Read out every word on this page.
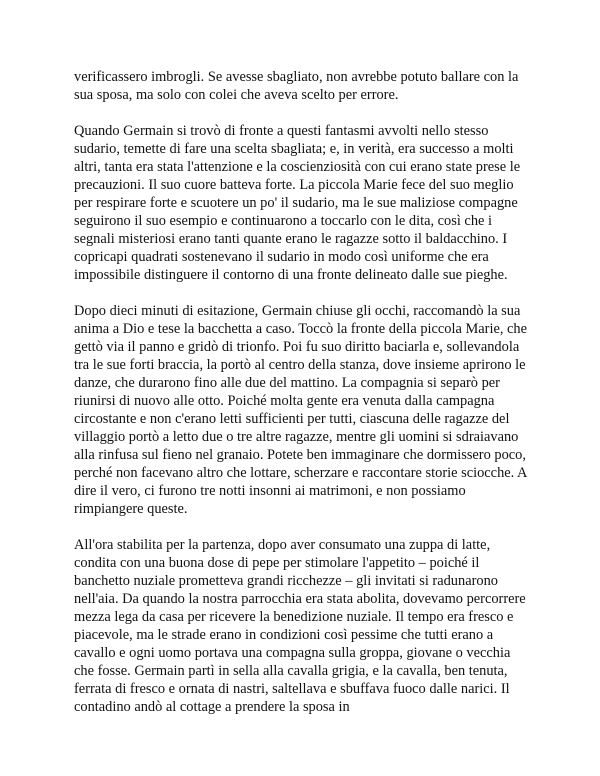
verificassero imbrogli. Se avesse sbagliato, non avrebbe potuto ballare con la sua sposa, ma solo con colei che aveva scelto per errore.

Quando Germain si trovò di fronte a questi fantasmi avvolti nello stesso sudario, temette di fare una scelta sbagliata; e, in verità, era successo a molti altri, tanta era stata l'attenzione e la coscienziosità con cui erano state prese le precauzioni. Il suo cuore batteva forte. La piccola Marie fece del suo meglio per respirare forte e scuotere un po' il sudario, ma le sue maliziose compagne seguirono il suo esempio e continuarono a toccarlo con le dita, così che i segnali misteriosi erano tanti quante erano le ragazze sotto il baldacchino. I copricapi quadrati sostenevano il sudario in modo così uniforme che era impossibile distinguere il contorno di una fronte delineato dalle sue pieghe.

Dopo dieci minuti di esitazione, Germain chiuse gli occhi, raccomandò la sua anima a Dio e tese la bacchetta a caso. Toccò la fronte della piccola Marie, che gettò via il panno e gridò di trionfo. Poi fu suo diritto baciarla e, sollevandola tra le sue forti braccia, la portò al centro della stanza, dove insieme aprirono le danze, che durarono fino alle due del mattino. La compagnia si separò per riunirsi di nuovo alle otto. Poiché molta gente era venuta dalla campagna circostante e non c'erano letti sufficienti per tutti, ciascuna delle ragazze del villaggio portò a letto due o tre altre ragazze, mentre gli uomini si sdraiavano alla rinfusa sul fieno nel granaio. Potete ben immaginare che dormissero poco, perché non facevano altro che lottare, scherzare e raccontare storie sciocche. A dire il vero, ci furono tre notti insonni ai matrimoni, e non possiamo rimpiangere queste.

All'ora stabilita per la partenza, dopo aver consumato una zuppa di latte, condita con una buona dose di pepe per stimolare l'appetito – poiché il banchetto nuziale prometteva grandi ricchezze – gli invitati si radunarono nell'aia. Da quando la nostra parrocchia era stata abolita, dovevamo percorrere mezza lega da casa per ricevere la benedizione nuziale. Il tempo era fresco e piacevole, ma le strade erano in condizioni così pessime che tutti erano a cavallo e ogni uomo portava una compagna sulla groppa, giovane o vecchia che fosse. Germain partì in sella alla cavalla grigia, e la cavalla, ben tenuta, ferrata di fresco e ornata di nastri, saltellava e sbuffava fuoco dalle narici. Il contadino andò al cottage a prendere la sposa in
